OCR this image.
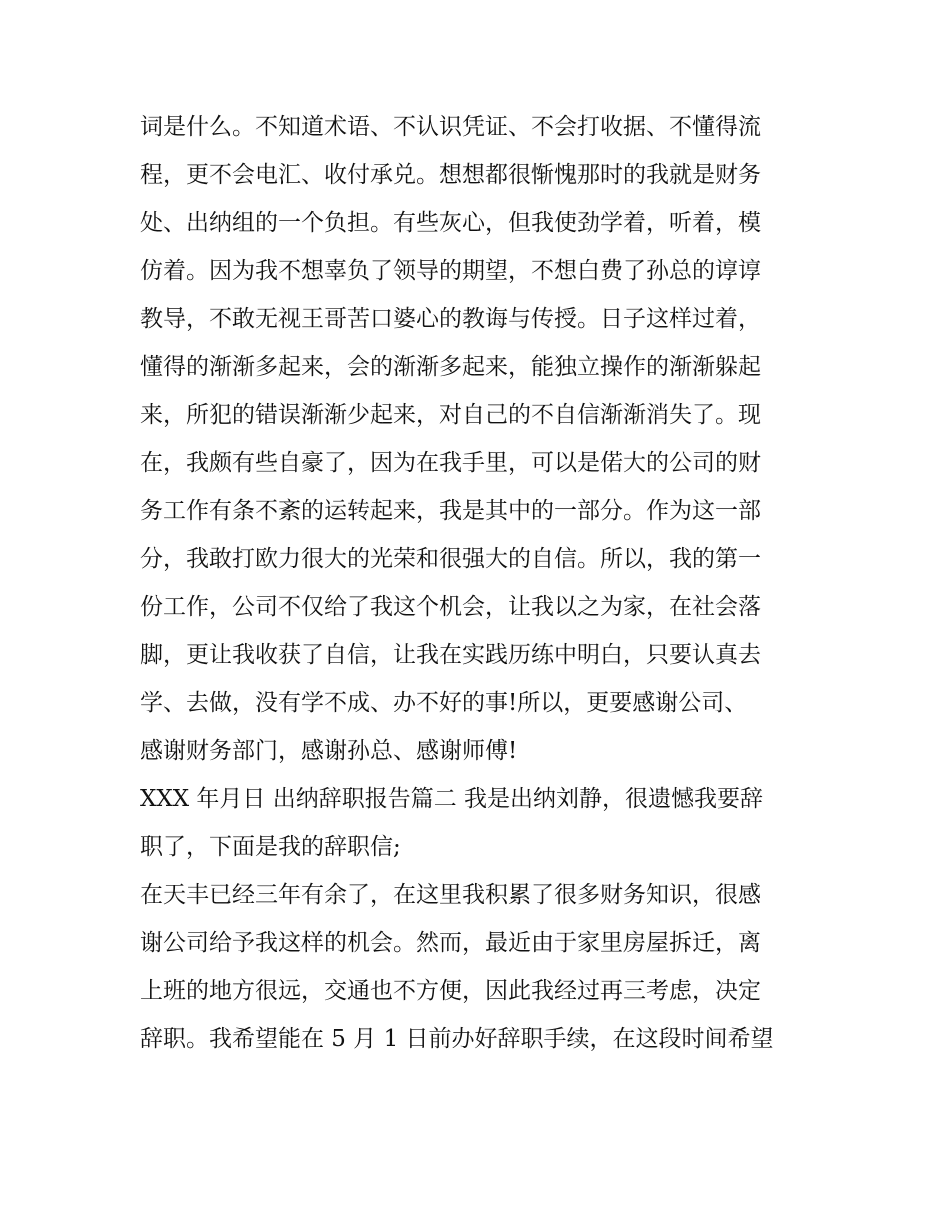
词是什么。不知道术语、不认识凭证、不会打收据、不懂得流
程，更不会电汇、收付承兑。想想都很惭愧那时的我就是财务
处、出纳组的一个负担。有些灰心，但我使劲学着，听着，模
仿着。因为我不想辜负了领导的期望，不想白费了孙总的谆谆
教导，不敢无视王哥苦口婆心的教诲与传授。日子这样过着，
懂得的渐渐多起来，会的渐渐多起来，能独立操作的渐渐躲起
来，所犯的错误渐渐少起来，对自己的不自信渐渐消失了。现
在，我颇有些自豪了，因为在我手里，可以是偌大的公司的财
务工作有条不紊的运转起来，我是其中的一部分。作为这一部
分，我敢打欧力很大的光荣和很强大的自信。所以，我的第一
份工作，公司不仅给了我这个机会，让我以之为家，在社会落
脚，更让我收获了自信，让我在实践历练中明白，只要认真去
学、去做，没有学不成、办不好的事!所以，更要感谢公司、
感谢财务部门，感谢孙总、感谢师傅!
XXX 年月日 出纳辞职报告篇二 我是出纳刘静，很遗憾我要辞
职了，下面是我的辞职信;
在天丰已经三年有余了，在这里我积累了很多财务知识，很感
谢公司给予我这样的机会。然而，最近由于家里房屋拆迁，离
上班的地方很远，交通也不方便，因此我经过再三考虑，决定
辞职。我希望能在 5 月 1 日前办好辞职手续，在这段时间希望
